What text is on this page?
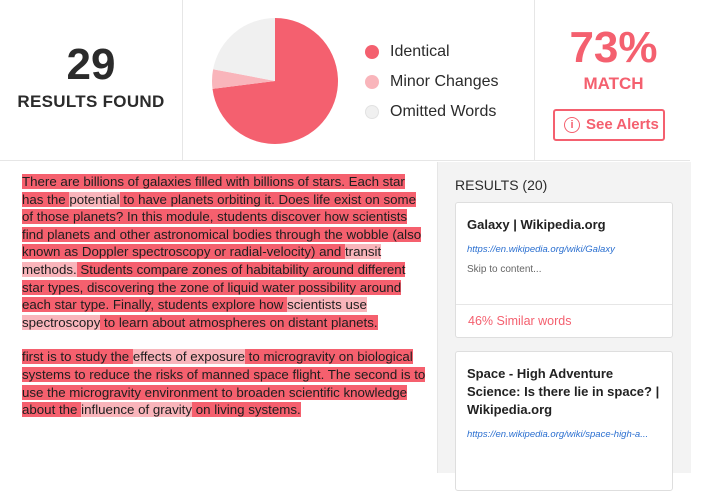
29
RESULTS FOUND
Identical
Minor Changes
Omitted Words
73%
MATCH
i See Alerts

There are billions of galaxies filled with billions of stars. Each star has the potential to have planets orbiting it. Does life exist on some of those planets? In this module, students discover how scientists find planets and other astronomical bodies through the wobble (also known as Doppler spectroscopy or radial-velocity) and transit methods. Students compare zones of habitability around different star types, discovering the zone of liquid water possibility around each star type. Finally, students explore how scientists use spectroscopy to learn about atmospheres on distant planets.

first is to study the effects of exposure to microgravity on biological systems to reduce the risks of manned space flight. The second is to use the microgravity environment to broaden scientific knowledge about the influence of gravity on living systems.

RESULTS (20)
Galaxy | Wikipedia.org
https://en.wikipedia.org/wiki/Galaxy
Skip to content...
46% Similar words
Space - High Adventure Science: Is there lie in space? | Wikipedia.org
https://en.wikipedia.org/wiki/space-high-a...
